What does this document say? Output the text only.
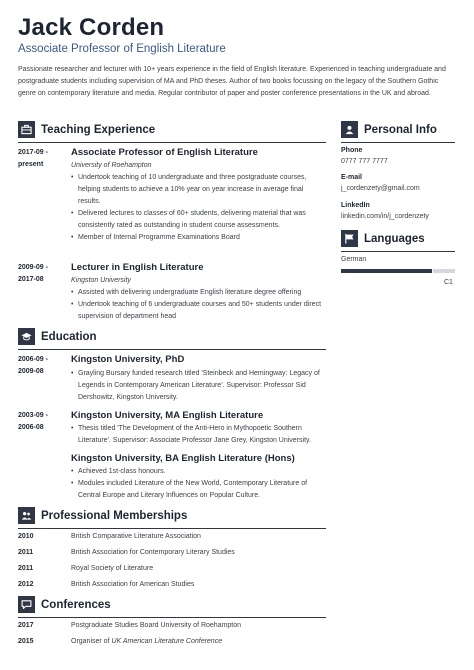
Jack Corden
Associate Professor of English Literature
Passionate researcher and lecturer with 10+ years experience in the field of English literature. Experienced in teaching undergraduate and postgraduate students including supervision of MA and PhD theses. Author of two books focussing on the legacy of the Southern Gothic genre on contemporary literature and media. Regular contributor of paper and poster conference presentations in the UK and abroad.
Teaching Experience
2017-09 -
present
Associate Professor of English Literature
University of Roehampton
• Undertook teaching of 10 undergraduate and three postgraduate courses, helping students to achieve a 10% year on year increase in average final results.
• Delivered lectures to classes of 60+ students, delivering material that was consistently rated as outstanding in student course assessments.
• Member of Internal Programme Examinations Board
2009-09 -
2017-08
Lecturer in English Literature
Kingston University
• Assisted with delivering undergraduate English literature degree offering
• Undertook teaching of 6 undergraduate courses and 50+ students under direct supervision of department head
Education
2006-09 -
2009-08
Kingston University, PhD
• Grayling Bursary funded research titled 'Steinbeck and Hemingway: Legacy of Legends in Contemporary American Literature'. Supervisor: Professor Sid Dershowitz, Kingston University.
2003-09 -
2006-08
Kingston University, MA English Literature
• Thesis titled 'The Development of the Anti-Hero in Mythopoetic Southern Literature'. Supervisor: Associate Professor Jane Grey, Kingston University.
Kingston University, BA English Literature (Hons)
• Achieved 1st-class honours.
• Modules included Literature of the New World, Contemporary Literature of Central Europe and Literary Influences on Popular Culture.
Professional Memberships
2010	British Comparative Literature Association
2011	British Association for Contemporary Literary Studies
2011	Royal Society of Literature
2012	British Association for American Studies
Conferences
2017	Postgraduate Studies Board University of Roehampton
2015	Organiser of UK American Literature Conference
Personal Info
Phone
0777 777 7777
E-mail
j_cordenzety@gmail.com
LinkedIn
linkedin.com/in/j_cordenzety
Languages
German
C1
